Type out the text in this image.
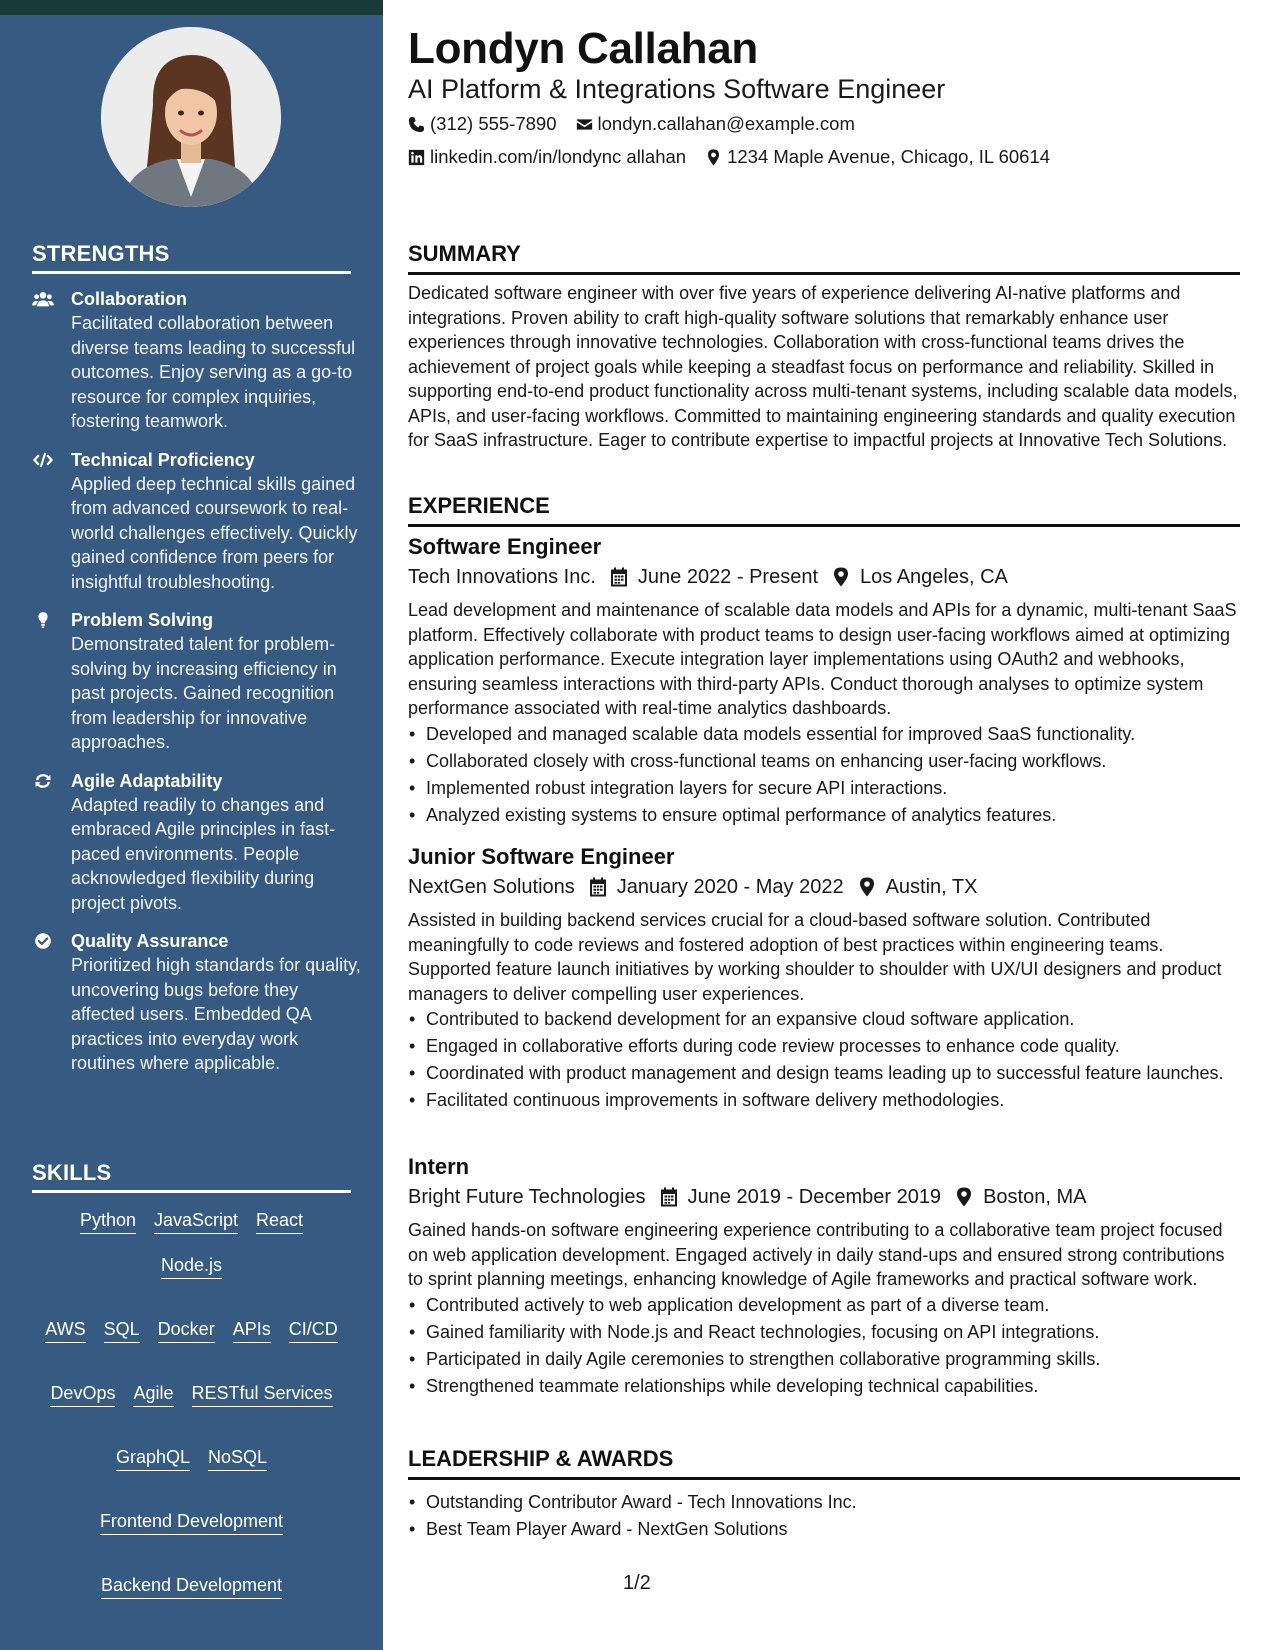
STRENGTHS
Collaboration
Facilitated collaboration between diverse teams leading to successful outcomes. Enjoy serving as a go-to resource for complex inquiries, fostering teamwork.
Technical Proficiency
Applied deep technical skills gained from advanced coursework to real-world challenges effectively. Quickly gained confidence from peers for insightful troubleshooting.
Problem Solving
Demonstrated talent for problem-solving by increasing efficiency in past projects. Gained recognition from leadership for innovative approaches.
Agile Adaptability
Adapted readily to changes and embraced Agile principles in fast-paced environments. People acknowledged flexibility during project pivots.
Quality Assurance
Prioritized high standards for quality, uncovering bugs before they affected users. Embedded QA practices into everyday work routines where applicable.
SKILLS
Python JavaScript React
Node.js
AWS SQL Docker APIs CI/CD
DevOps Agile RESTful Services
GraphQL NoSQL
Frontend Development
Backend Development
Londyn Callahan
AI Platform & Integrations Software Engineer
(312) 555-7890 londyn.callahan@example.com
linkedin.com/in/londync allahan 1234 Maple Avenue, Chicago, IL 60614
SUMMARY

Dedicated software engineer with over five years of experience delivering AI-native platforms and integrations. Proven ability to craft high-quality software solutions that remarkably enhance user experiences through innovative technologies. Collaboration with cross-functional teams drives the achievement of project goals while keeping a steadfast focus on performance and reliability. Skilled in supporting end-to-end product functionality across multi-tenant systems, including scalable data models, APIs, and user-facing workflows. Committed to maintaining engineering standards and quality execution for SaaS infrastructure. Eager to contribute expertise to impactful projects at Innovative Tech Solutions.

EXPERIENCE
Software Engineer
Tech Innovations Inc. June 2022 - Present Los Angeles, CA

Lead development and maintenance of scalable data models and APIs for a dynamic, multi-tenant SaaS platform. Effectively collaborate with product teams to design user-facing workflows aimed at optimizing application performance. Execute integration layer implementations using OAuth2 and webhooks, ensuring seamless interactions with third-party APIs. Conduct thorough analyses to optimize system performance associated with real-time analytics dashboards.

• Developed and managed scalable data models essential for improved SaaS functionality.
• Collaborated closely with cross-functional teams on enhancing user-facing workflows.
• Implemented robust integration layers for secure API interactions.
• Analyzed existing systems to ensure optimal performance of analytics features.
Junior Software Engineer
NextGen Solutions January 2020 - May 2022 Austin, TX

Assisted in building backend services crucial for a cloud-based software solution. Contributed meaningfully to code reviews and fostered adoption of best practices within engineering teams. Supported feature launch initiatives by working shoulder to shoulder with UX/UI designers and product managers to deliver compelling user experiences.

• Contributed to backend development for an expansive cloud software application.
• Engaged in collaborative efforts during code review processes to enhance code quality.
• Coordinated with product management and design teams leading up to successful feature launches.
• Facilitated continuous improvements in software delivery methodologies.
Intern
Bright Future Technologies June 2019 - December 2019 Boston, MA

Gained hands-on software engineering experience contributing to a collaborative team project focused on web application development. Engaged actively in daily stand-ups and ensured strong contributions to sprint planning meetings, enhancing knowledge of Agile frameworks and practical software work.

• Contributed actively to web application development as part of a diverse team.
• Gained familiarity with Node.js and React technologies, focusing on API integrations.
• Participated in daily Agile ceremonies to strengthen collaborative programming skills.
• Strengthened teammate relationships while developing technical capabilities.
LEADERSHIP & AWARDS
• Outstanding Contributor Award - Tech Innovations Inc.
• Best Team Player Award - NextGen Solutions
1/2
